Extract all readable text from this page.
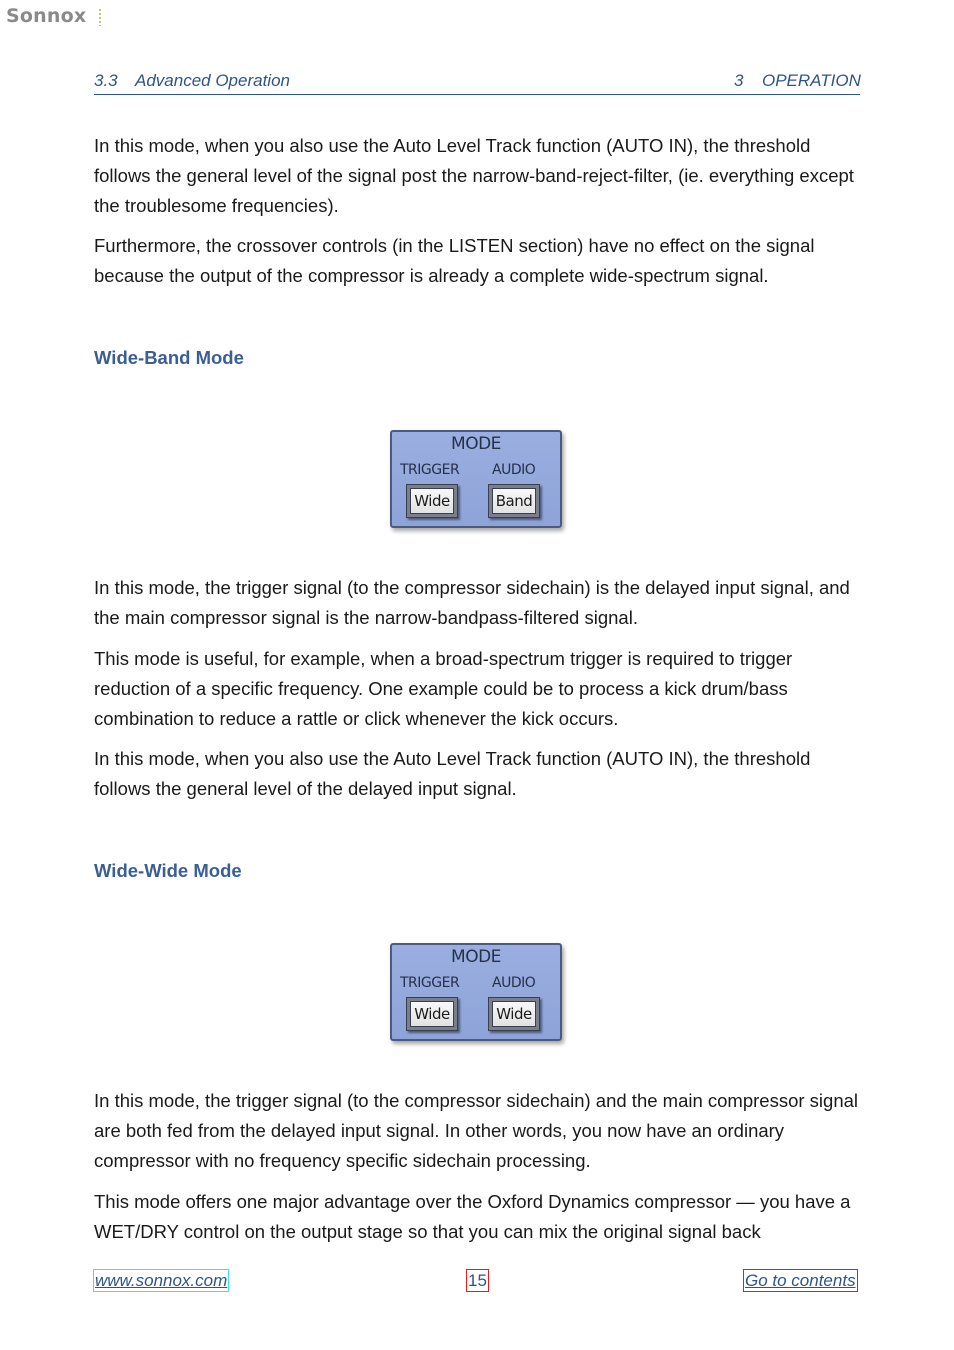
Sonnox
3.3 Advanced Operation	3 OPERATION

In this mode, when you also use the Auto Level Track function (AUTO IN), the threshold follows the general level of the signal post the narrow-band-reject-filter, (ie. everything except the troublesome frequencies).

Furthermore, the crossover controls (in the LISTEN section) have no effect on the signal because the output of the compressor is already a complete wide-spectrum signal.

Wide-Band Mode
MODE
TRIGGER AUDIO
Wide	Band

In this mode, the trigger signal (to the compressor sidechain) is the delayed input signal, and the main compressor signal is the narrow-bandpass-filtered signal.

This mode is useful, for example, when a broad-spectrum trigger is required to trigger reduction of a specific frequency. One example could be to process a kick drum/bass combination to reduce a rattle or click whenever the kick occurs.

In this mode, when you also use the Auto Level Track function (AUTO IN), the threshold follows the general level of the delayed input signal.

Wide-Wide Mode
MODE
TRIGGER AUDIO
Wide	Wide

In this mode, the trigger signal (to the compressor sidechain) and the main compressor signal are both fed from the delayed input signal. In other words, you now have an ordinary compressor with no frequency specific sidechain processing.

This mode offers one major advantage over the Oxford Dynamics compressor — you have a WET/DRY control on the output stage so that you can mix the original signal back

www.sonnox.com	15	Go to contents
